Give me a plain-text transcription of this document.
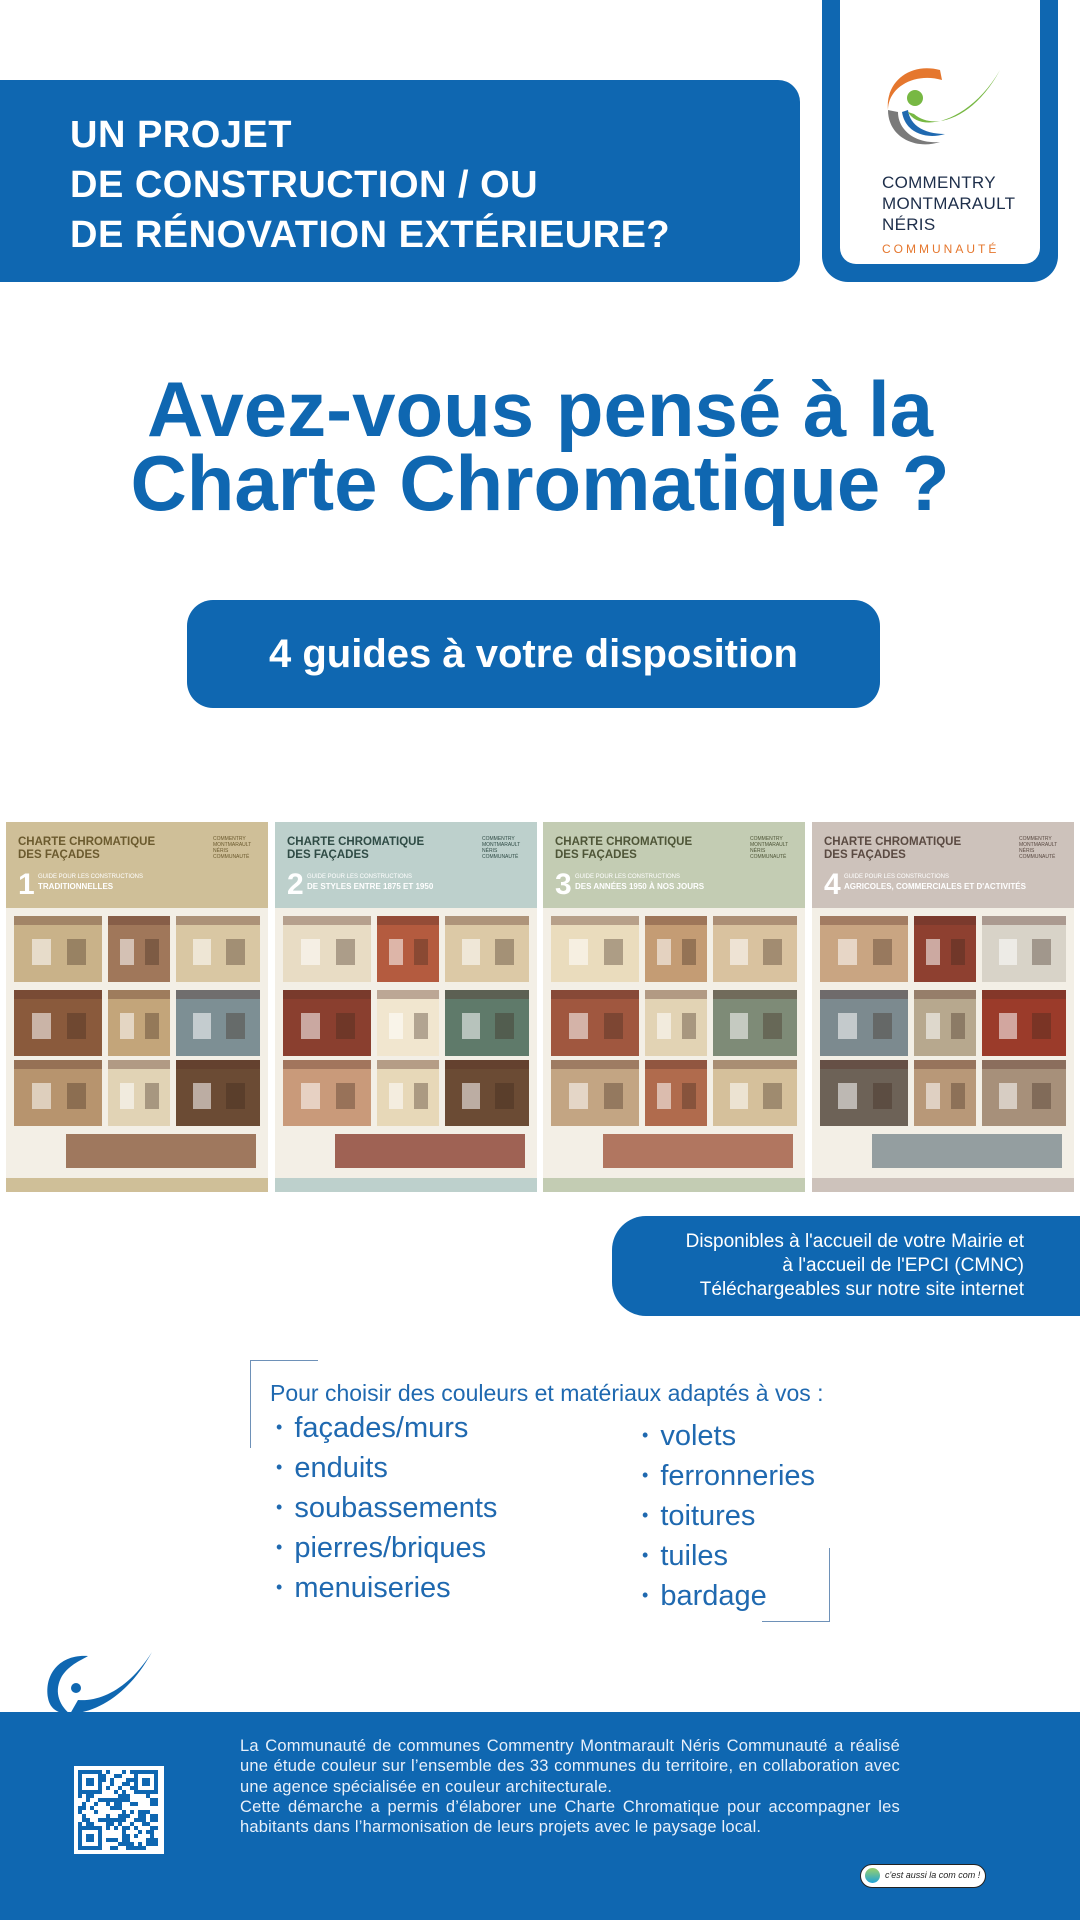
UN PROJET
DE CONSTRUCTION / OU
DE RÉNOVATION EXTÉRIEURE?
COMMENTRY
MONTMARAULT
NÉRIS
COMMUNAUTÉ
Avez-vous pensé à la
Charte Chromatique ?
4 guides à votre disposition
CHARTE CHROMATIQUE
DES FAÇADES
COMMENTRY MONTMARAULT NÉRIS COMMUNAUTÉ
1 GUIDE POUR LES CONSTRUCTIONS
TRADITIONNELLES
CHARTE CHROMATIQUE
DES FAÇADES
COMMENTRY MONTMARAULT NÉRIS COMMUNAUTÉ
2 GUIDE POUR LES CONSTRUCTIONS
DE STYLES ENTRE 1875 ET 1950
CHARTE CHROMATIQUE
DES FAÇADES
COMMENTRY MONTMARAULT NÉRIS COMMUNAUTÉ
3 GUIDE POUR LES CONSTRUCTIONS
DES ANNÉES 1950 À NOS JOURS
CHARTE CHROMATIQUE
DES FAÇADES
COMMENTRY MONTMARAULT NÉRIS COMMUNAUTÉ
4 GUIDE POUR LES CONSTRUCTIONS
AGRICOLES, COMMERCIALES ET D'ACTIVITÉS
Disponibles à l'accueil de votre Mairie et
à l'accueil de l'EPCI (CMNC)
Téléchargeables sur notre site internet
Pour choisir des couleurs et matériaux adaptés à vos :
• façades/murs
• enduits
• soubassements
• pierres/briques
• menuiseries
• volets
• ferronneries
• toitures
• tuiles
• bardage
La Communauté de communes Commentry Montmarault Néris Communauté a réalisé une étude couleur sur l’ensemble des 33 communes du territoire, en collaboration avec une agence spécialisée en couleur architecturale.
Cette démarche a permis d’élaborer une Charte Chromatique pour accompagner les habitants dans l’harmonisation de leurs projets avec le paysage local.
c'est aussi la com com !
